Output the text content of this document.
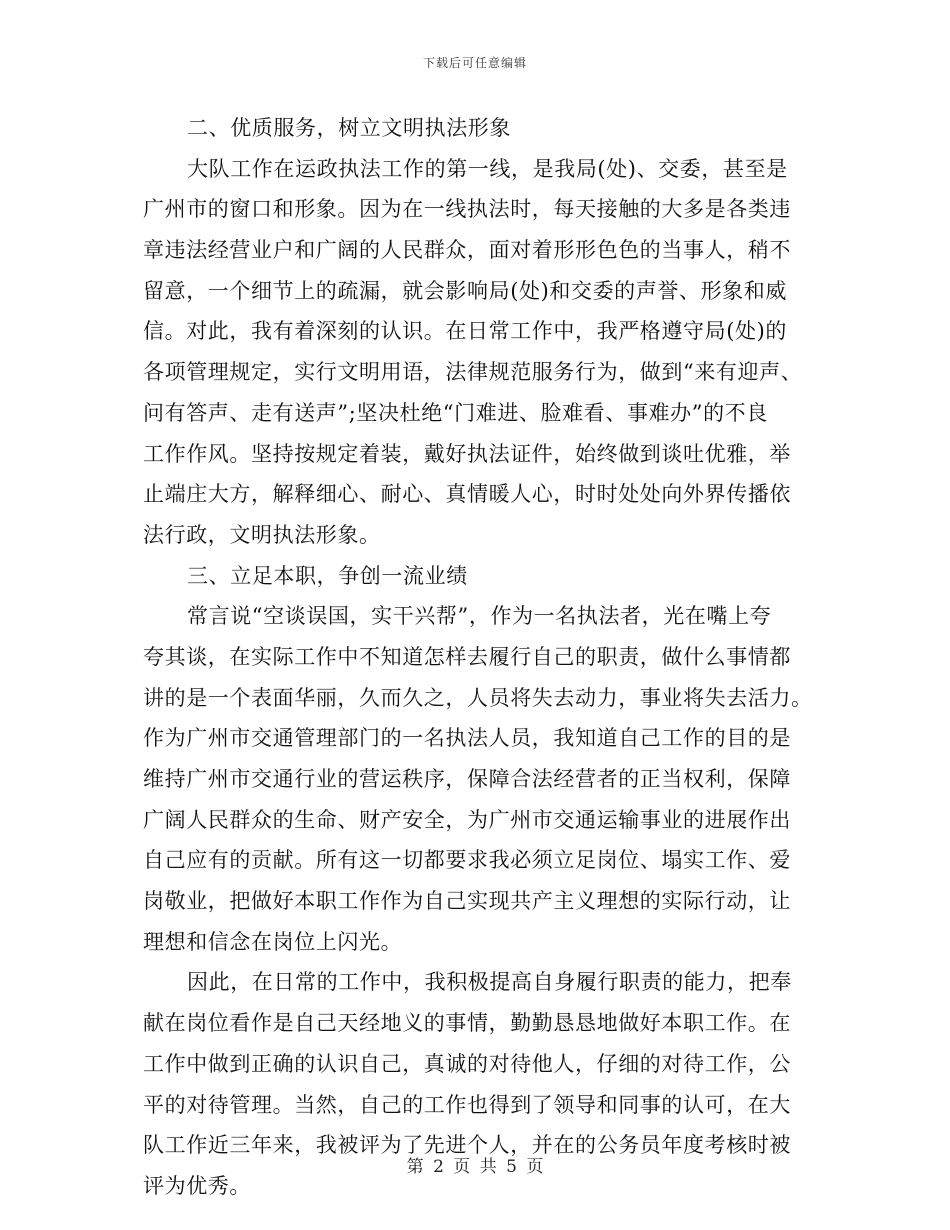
下载后可任意编辑
二、优质服务，树立文明执法形象
大队工作在运政执法工作的第一线，是我局(处)、交委，甚至是
广州市的窗口和形象。因为在一线执法时，每天接触的大多是各类违
章违法经营业户和广阔的人民群众，面对着形形色色的当事人，稍不
留意，一个细节上的疏漏，就会影响局(处)和交委的声誉、形象和威
信。对此，我有着深刻的认识。在日常工作中，我严格遵守局(处)的
各项管理规定，实行文明用语，法律规范服务行为，做到“来有迎声、
问有答声、走有送声”;坚决杜绝“门难进、脸难看、事难办”的不良
工作作风。坚持按规定着装，戴好执法证件，始终做到谈吐优雅，举
止端庄大方，解释细心、耐心、真情暖人心，时时处处向外界传播依
法行政，文明执法形象。
三、立足本职，争创一流业绩
常言说“空谈误国，实干兴帮”，作为一名执法者，光在嘴上夸
夸其谈，在实际工作中不知道怎样去履行自己的职责，做什么事情都
讲的是一个表面华丽，久而久之，人员将失去动力，事业将失去活力。
作为广州市交通管理部门的一名执法人员，我知道自己工作的目的是
维持广州市交通行业的营运秩序，保障合法经营者的正当权利，保障
广阔人民群众的生命、财产安全，为广州市交通运输事业的进展作出
自己应有的贡献。所有这一切都要求我必须立足岗位、塌实工作、爱
岗敬业，把做好本职工作作为自己实现共产主义理想的实际行动，让
理想和信念在岗位上闪光。
因此，在日常的工作中，我积极提高自身履行职责的能力，把奉
献在岗位看作是自己天经地义的事情，勤勤恳恳地做好本职工作。在
工作中做到正确的认识自己，真诚的对待他人，仔细的对待工作，公
平的对待管理。当然，自己的工作也得到了领导和同事的认可，在大
队工作近三年来，我被评为了先进个人，并在的公务员年度考核时被
评为优秀。
第 2 页 共 5 页
